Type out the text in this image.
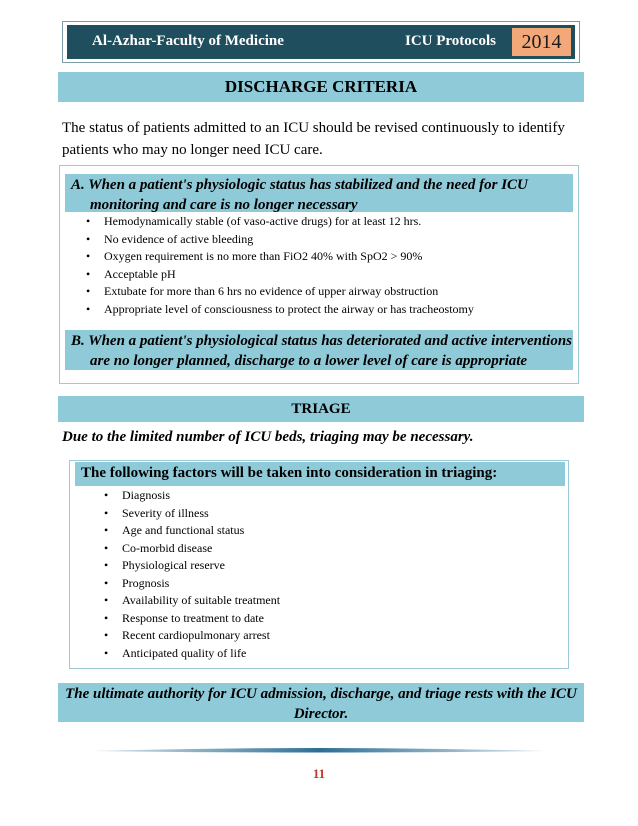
Al-Azhar-Faculty of Medicine	ICU Protocols	2014
DISCHARGE CRITERIA
The status of patients admitted to an ICU should be revised continuously to identify patients who may no longer need ICU care.
A. When a patient's physiologic status has stabilized and the need for ICU
monitoring and care is no longer necessary
• Hemodynamically stable (of vaso-active drugs) for at least 12 hrs.
• No evidence of active bleeding
• Oxygen requirement is no more than FiO2 40% with SpO2 > 90%
• Acceptable pH
• Extubate for more than 6 hrs no evidence of upper airway obstruction
• Appropriate level of consciousness to protect the airway or has tracheostomy
B. When a patient's physiological status has deteriorated and active interventions
are no longer planned, discharge to a lower level of care is appropriate
TRIAGE
Due to the limited number of ICU beds, triaging may be necessary.
The following factors will be taken into consideration in triaging:
• Diagnosis
• Severity of illness
• Age and functional status
• Co-morbid disease
• Physiological reserve
• Prognosis
• Availability of suitable treatment
• Response to treatment to date
• Recent cardiopulmonary arrest
• Anticipated quality of life
The ultimate authority for ICU admission, discharge, and triage rests with the ICU
Director.
11
